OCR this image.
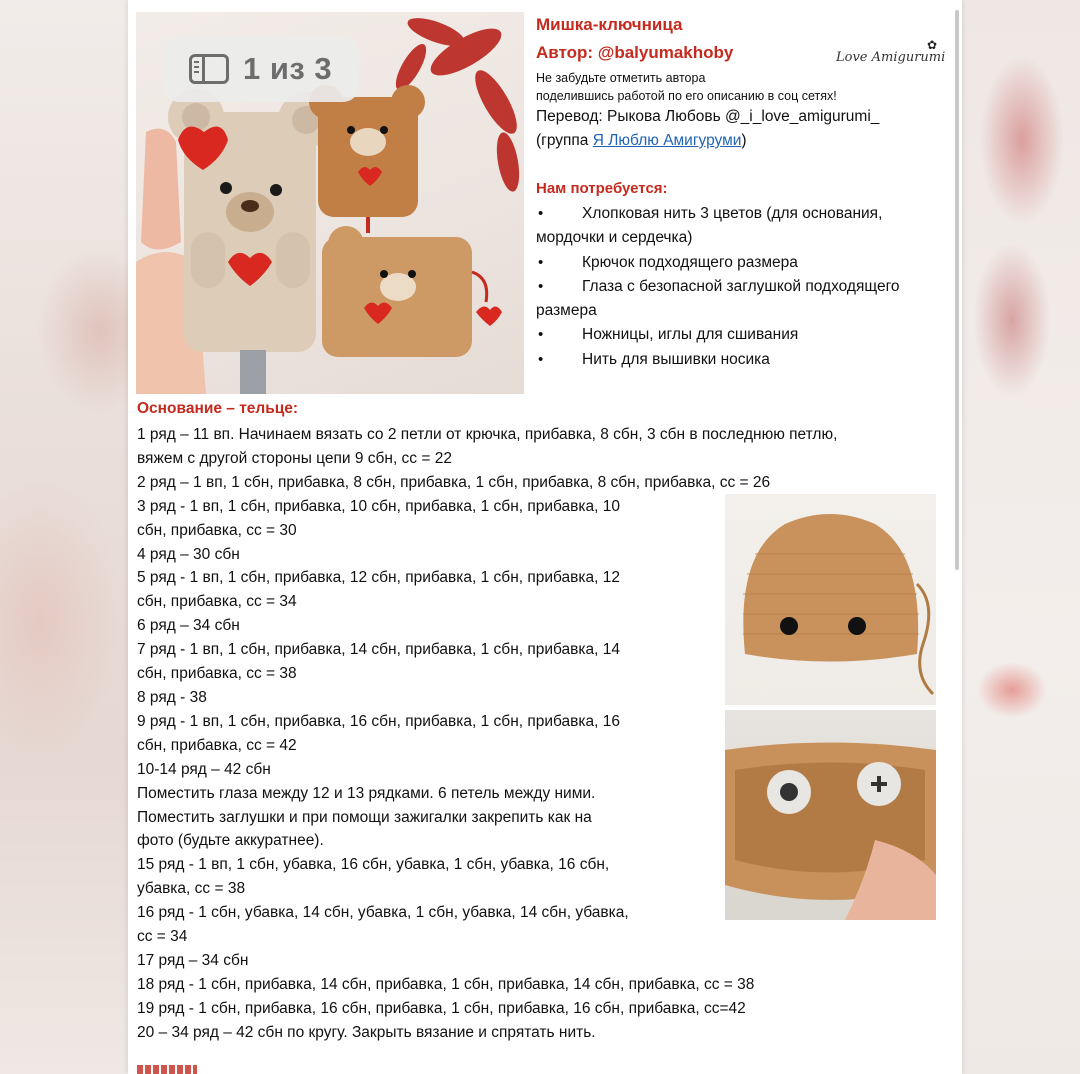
1 из 3
Мишка-ключница
Автор: @balyumakhoby	Love Amigurumi
✿
Не забудьте отметить автора
поделившись работой по его описанию в соц сетях!
Перевод: Рыкова Любовь @_i_love_amigurumi_
(группа Я Люблю Амигуруми)
Нам потребуется:
• Хлопковая нить 3 цветов (для основания, мордочки и сердечка)
• Крючок подходящего размера
• Глаза с безопасной заглушкой подходящего размера
• Ножницы, иглы для сшивания
• Нить для вышивки носика
Основание – тельце:
1 ряд – 11 вп. Начинаем вязать со 2 петли от крючка, прибавка, 8 сбн, 3 сбн в последнюю петлю,
вяжем с другой стороны цепи 9 сбн, сс = 22
2 ряд – 1 вп, 1 сбн, прибавка, 8 сбн, прибавка, 1 сбн, прибавка, 8 сбн, прибавка, сс = 26
3 ряд - 1 вп, 1 сбн, прибавка, 10 сбн, прибавка, 1 сбн, прибавка, 10
сбн, прибавка, сс = 30
4 ряд – 30 сбн
5 ряд - 1 вп, 1 сбн, прибавка, 12 сбн, прибавка, 1 сбн, прибавка, 12
сбн, прибавка, сс = 34
6 ряд – 34 сбн
7 ряд - 1 вп, 1 сбн, прибавка, 14 сбн, прибавка, 1 сбн, прибавка, 14
сбн, прибавка, сс = 38
8 ряд - 38
9 ряд - 1 вп, 1 сбн, прибавка, 16 сбн, прибавка, 1 сбн, прибавка, 16
сбн, прибавка, сс = 42
10-14 ряд – 42 сбн
Поместить глаза между 12 и 13 рядками. 6 петель между ними.
Поместить заглушки и при помощи зажигалки закрепить как на
фото (будьте аккуратнее).
15 ряд - 1 вп, 1 сбн, убавка, 16 сбн, убавка, 1 сбн, убавка, 16 сбн,
убавка, сс = 38
16 ряд - 1 сбн, убавка, 14 сбн, убавка, 1 сбн, убавка, 14 сбн, убавка,
сс = 34
17 ряд – 34 сбн
18 ряд - 1 сбн, прибавка, 14 сбн, прибавка, 1 сбн, прибавка, 14 сбн, прибавка, сс = 38
19 ряд - 1 сбн, прибавка, 16 сбн, прибавка, 1 сбн, прибавка, 16 сбн, прибавка, сс=42
20 – 34 ряд – 42 сбн по кругу. Закрыть вязание и спрятать нить.
